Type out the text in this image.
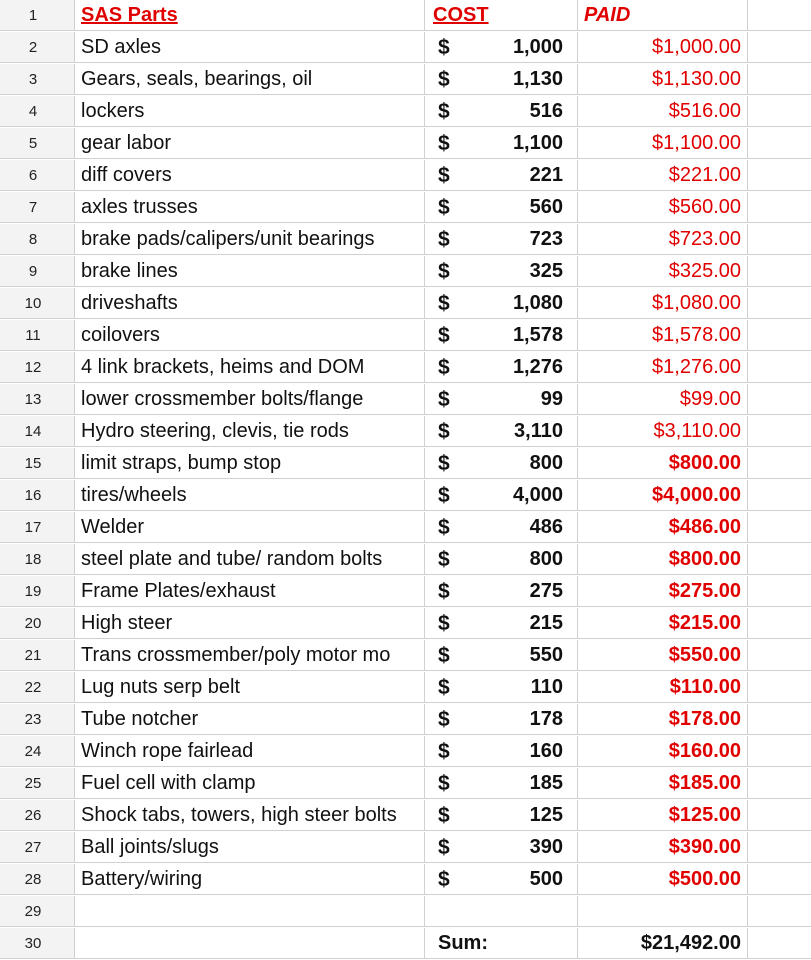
1	SAS Parts	COST	PAID
2	SD axles	$	1,000	$1,000.00
3	Gears, seals, bearings, oil	$	1,130	$1,130.00
4	lockers	$	516	$516.00
5	gear labor	$	1,100	$1,100.00
6	diff covers	$	221	$221.00
7	axles trusses	$	560	$560.00
8	brake pads/calipers/unit bearings	$	723	$723.00
9	brake lines	$	325	$325.00
10	driveshafts	$	1,080	$1,080.00
11	coilovers	$	1,578	$1,578.00
12	4 link brackets, heims and DOM	$	1,276	$1,276.00
13	lower crossmember bolts/flange	$	99	$99.00
14	Hydro steering, clevis, tie rods	$	3,110	$3,110.00
15	limit straps, bump stop	$	800	$800.00
16	tires/wheels	$	4,000	$4,000.00
17	Welder	$	486	$486.00
18	steel plate and tube/ random bolts	$	800	$800.00
19	Frame Plates/exhaust	$	275	$275.00
20	High steer	$	215	$215.00
21	Trans crossmember/poly motor mo	$	550	$550.00
22	Lug nuts serp belt	$	110	$110.00
23	Tube notcher	$	178	$178.00
24	Winch rope fairlead	$	160	$160.00
25	Fuel cell with clamp	$	185	$185.00
26	Shock tabs, towers, high steer bolts	$	125	$125.00
27	Ball joints/slugs	$	390	$390.00
28	Battery/wiring	$	500	$500.00
29
30	Sum:	$21,492.00
